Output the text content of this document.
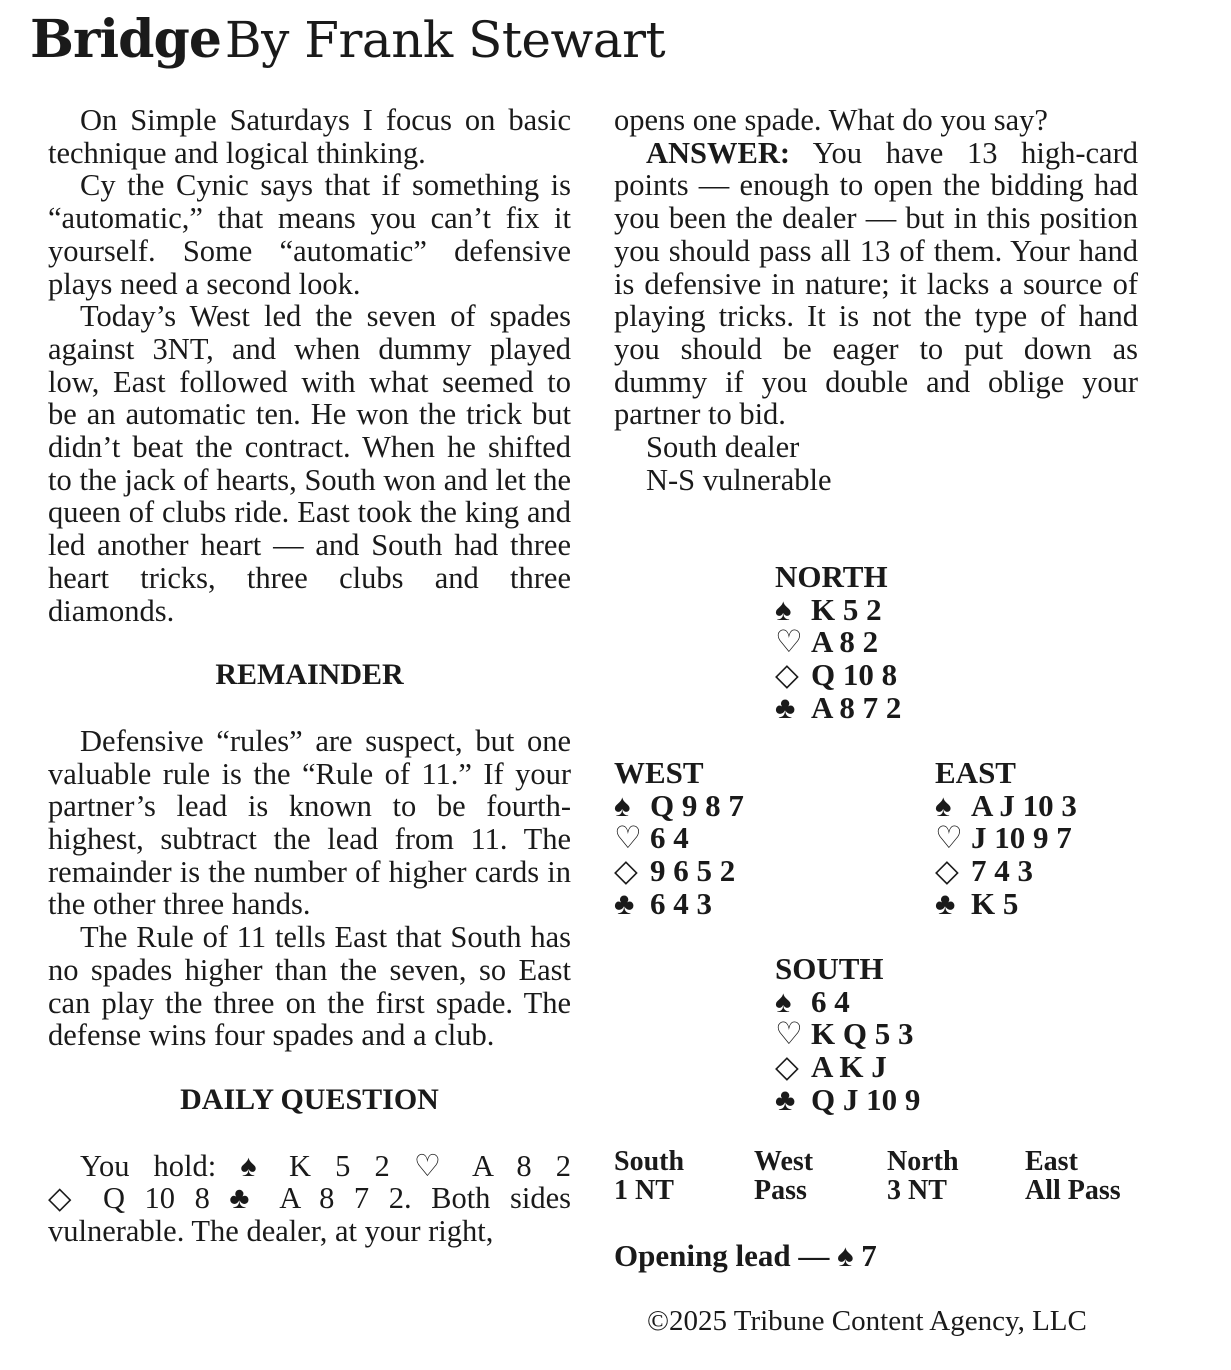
Bridge By Frank Stewart

On Simple Saturdays I focus on basic technique and logical thinking.

Cy the Cynic says that if something is “automatic,” that means you can’t fix it yourself. Some “automatic” defensive plays need a second look.

Today’s West led the seven of spades against 3NT, and when dummy played low, East followed with what seemed to be an automatic ten. He won the trick but didn’t beat the contract. When he shifted to the jack of hearts, South won and let the queen of clubs ride. East took the king and led another heart — and South had three heart tricks, three clubs and three diamonds.

REMAINDER

Defensive “rules” are suspect, but one valuable rule is the “Rule of 11.” If your partner’s lead is known to be fourth-highest, subtract the lead from 11. The remainder is the number of higher cards in the other three hands.

The Rule of 11 tells East that South has no spades higher than the seven, so East can play the three on the first spade. The defense wins four spades and a club.

DAILY QUESTION

You hold: ♠ K 5 2 ♡ A 8 2

◇ Q 10 8 ♣ A 8 7 2. Both sides vulnerable. The dealer, at your right,

opens one spade. What do you say?

ANSWER: You have 13 high-card points — enough to open the bidding had you been the dealer — but in this position you should pass all 13 of them. Your hand is defensive in nature; it lacks a source of playing tricks. It is not the type of hand you should be eager to put down as dummy if you double and oblige your partner to bid.

South dealer

N-S vulnerable

NORTH
♠ K 5 2
♡ A 8 2
◇ Q 10 8
♣ A 8 7 2
WEST
♠ Q 9 8 7
♡ 6 4
◇ 9 6 5 2
♣ 6 4 3
EAST
♠ A J 10 3
♡ J 10 9 7
◇ 7 4 3
♣ K 5
SOUTH
♠ 6 4
♡ K Q 5 3
◇ A K J
♣ Q J 10 9
South
1 NT
West
Pass
North
3 NT
East
All Pass
Opening lead — ♠ 7
©2025 Tribune Content Agency, LLC
